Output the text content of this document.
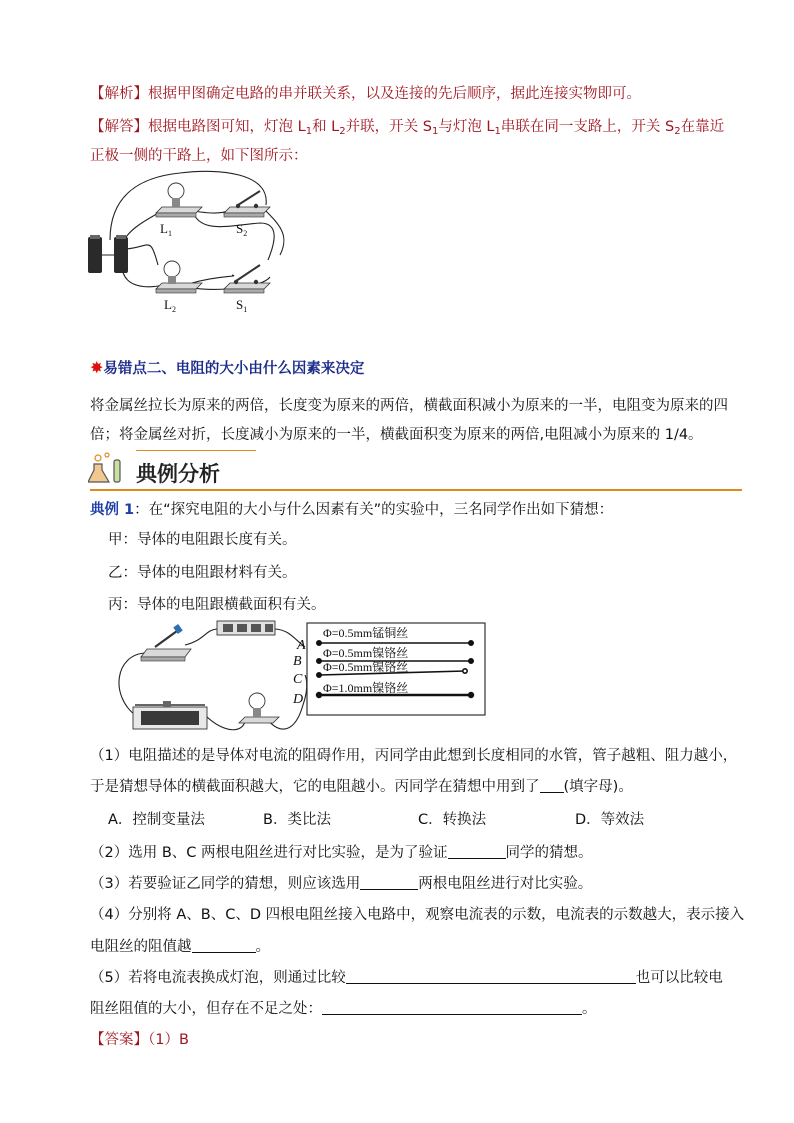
【解析】根据甲图确定电路的串并联关系，以及连接的先后顺序，据此连接实物即可。
【解答】根据电路图可知，灯泡 $L_1$和 $L_2$并联，开关 $S_1$与灯泡 $L_1$串联在同一支路上，开关 $S_2$在靠近
正极一侧的干路上，如下图所示：
$L_1$	$S_2$
$L_2$	$S_1$
✸易错点二、电阻的大小由什么因素来决定
将金属丝拉长为原来的两倍，长度变为原来的两倍，横截面积减小为原来的一半，电阻变为原来的四
倍；将金属丝对折，长度减小为原来的一半，横截面积变为原来的两倍,电阻减小为原来的 1/4。
典例分析
典例 1：在“探究电阻的大小与什么因素有关”的实验中，三名同学作出如下猜想：
甲：导体的电阻跟长度有关。
乙：导体的电阻跟材料有关。
丙：导体的电阻跟横截面积有关。
A
B
C
D
Φ=0.5mm锰铜丝
Φ=0.5mm镍铬丝
Φ=0.5mm镍铬丝
Φ=1.0mm镍铬丝
（1）电阻描述的是导体对电流的阻碍作用，丙同学由此想到长度相同的水管，管子越粗、阻力越小，
于是猜想导体的横截面积越大，它的电阻越小。丙同学在猜想中用到了 (填字母)。
A．控制变量法	B．类比法	C．转换法	D．等效法
（2）选用 B、C 两根电阻丝进行对比实验，是为了验证	同学的猜想。
（3）若要验证乙同学的猜想，则应该选用	两根电阻丝进行对比实验。
（4）分别将 A、B、C、D 四根电阻丝接入电路中，观察电流表的示数，电流表的示数越大，表示接入
电阻丝的阻值越	。
（5）若将电流表换成灯泡，则通过比较	也可以比较电
阻丝阻值的大小，但存在不足之处：	。
【答案】（1）B
